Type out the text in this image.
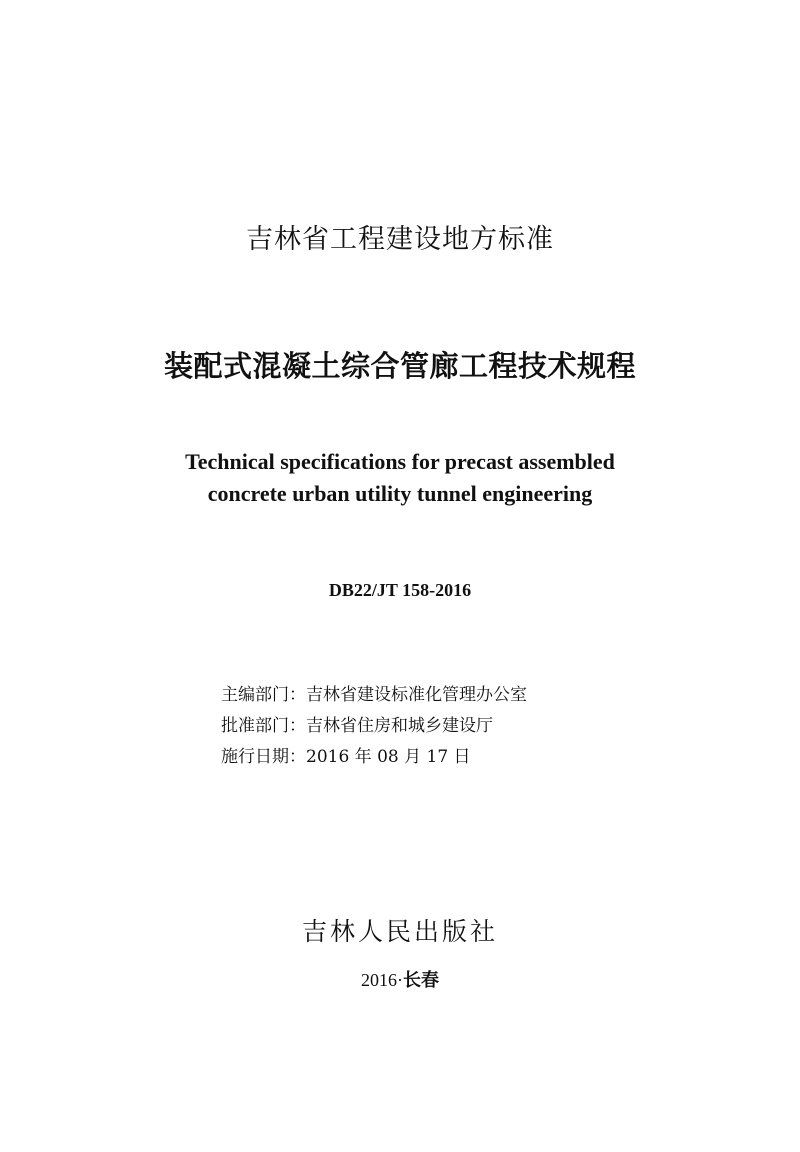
吉林省工程建设地方标准
装配式混凝土综合管廊工程技术规程
Technical specifications for precast assembled
concrete urban utility tunnel engineering
DB22/JT 158-2016
主编部门：吉林省建设标准化管理办公室
批准部门：吉林省住房和城乡建设厅
施行日期：2016 年 08 月 17 日
吉林人民出版社
2016·长春
